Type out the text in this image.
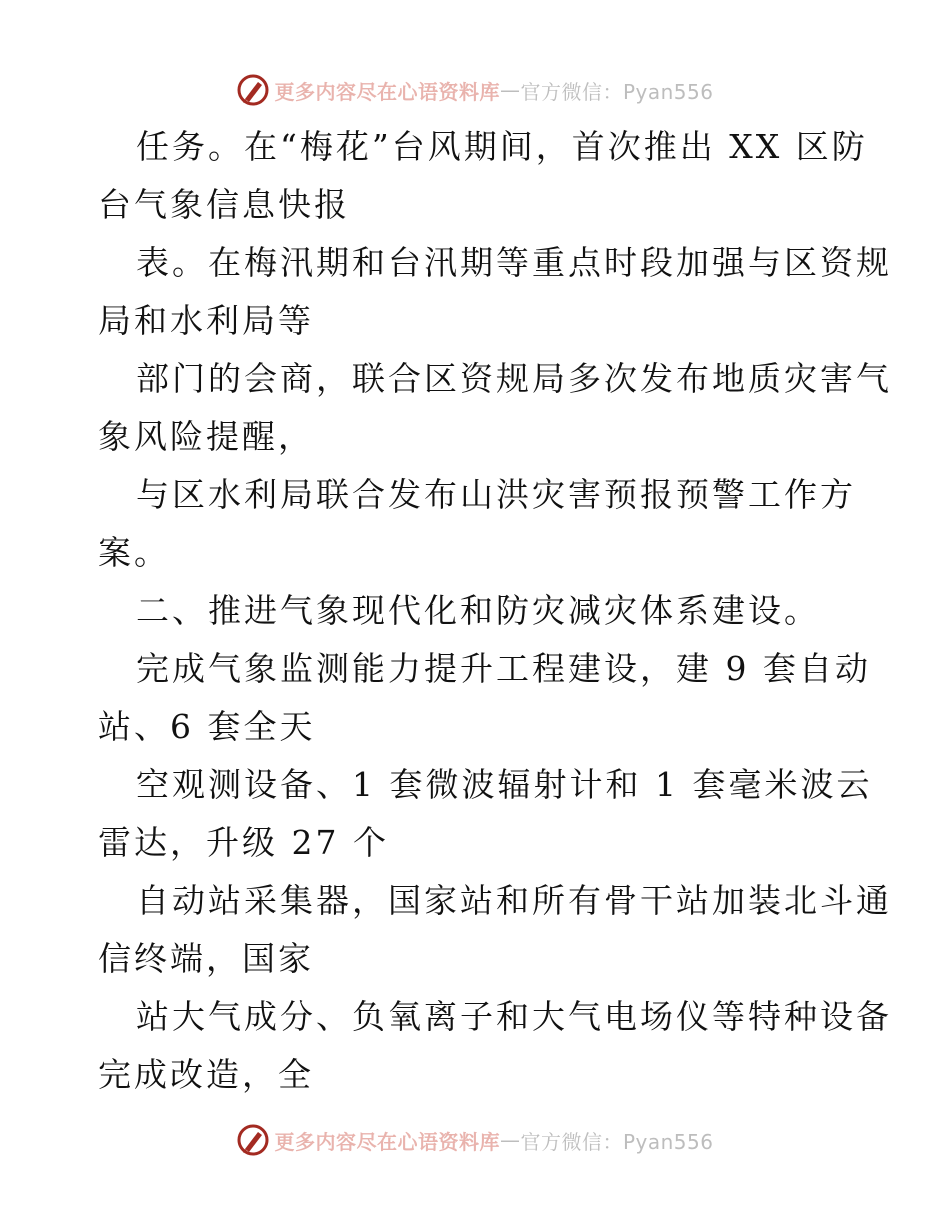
更多内容尽在心语资料库 — 官方微信：Pyan556
任务。在“梅花”台风期间，首次推出 XX 区防
台气象信息快报
表。在梅汛期和台汛期等重点时段加强与区资规
局和水利局等
部门的会商，联合区资规局多次发布地质灾害气
象风险提醒，
与区水利局联合发布山洪灾害预报预警工作方
案。
二、推进气象现代化和防灾减灾体系建设。
完成气象监测能力提升工程建设，建 9 套自动
站、6 套全天
空观测设备、1 套微波辐射计和 1 套毫米波云
雷达，升级 27 个
自动站采集器，国家站和所有骨干站加装北斗通
信终端，国家
站大气成分、负氧离子和大气电场仪等特种设备
完成改造，全
更多内容尽在心语资料库 — 官方微信：Pyan556
